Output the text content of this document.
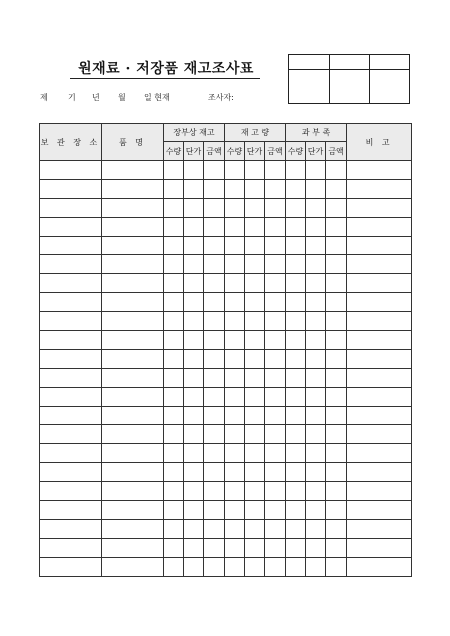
원재료 · 저장품 재고조사표
제	기 년 월 일 현재	조사자:
보 관 장 소	품 명	장부상 재고			재 고 량			과 부 족			비 고
		수량	단가	금액	수량	단가	금액	수량	단가	금액	
